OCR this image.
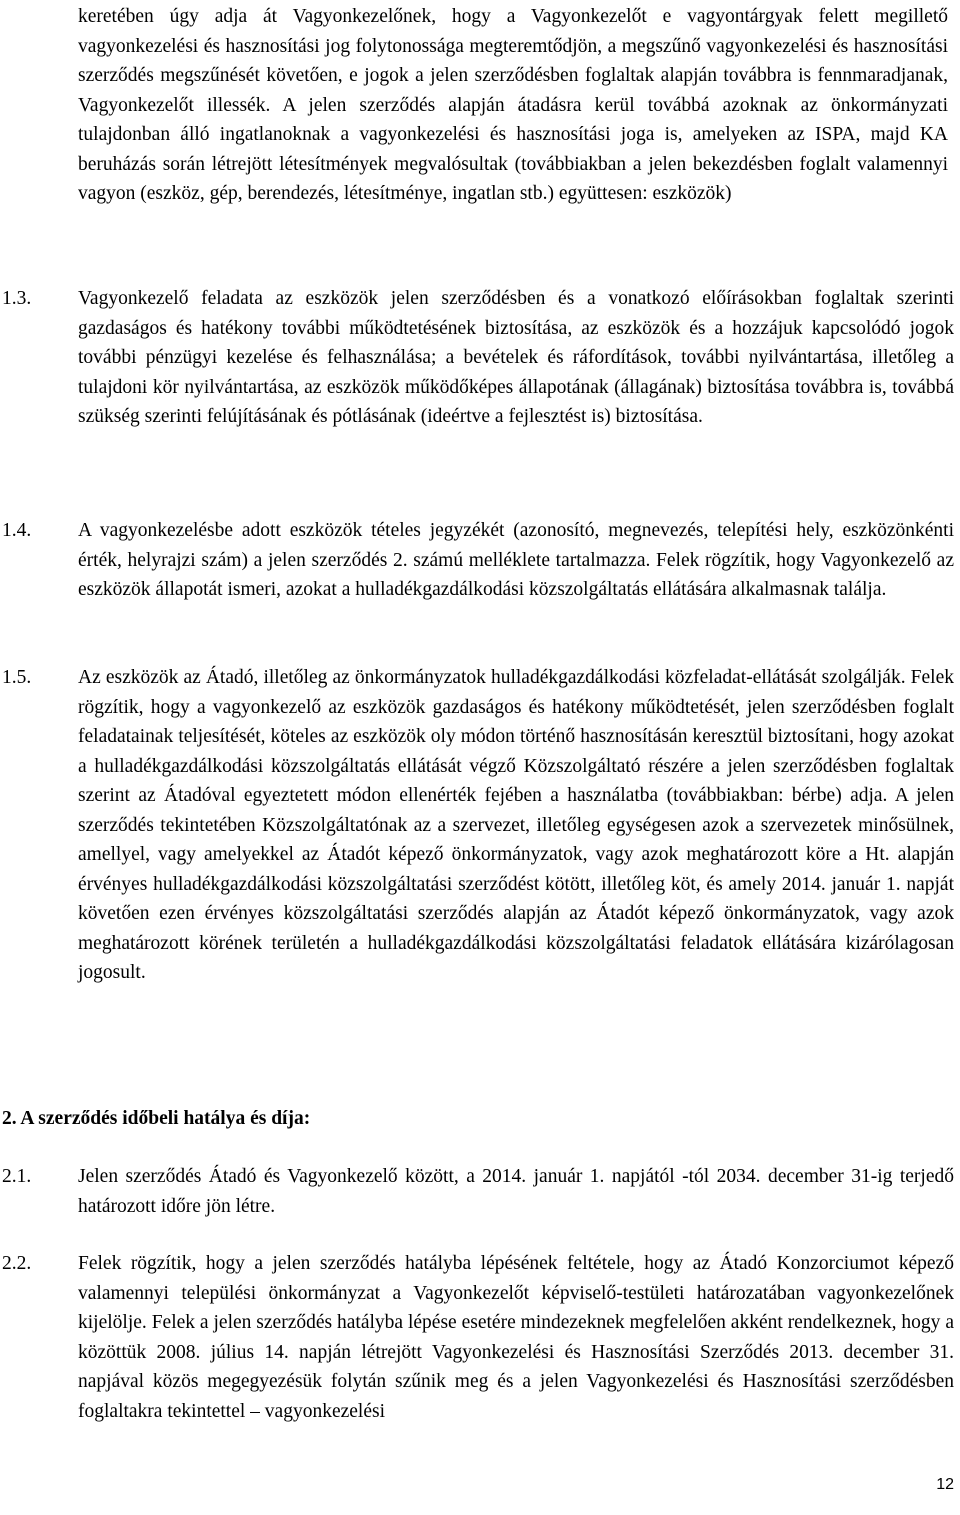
keretében úgy adja át Vagyonkezelőnek, hogy a Vagyonkezelőt e vagyontárgyak felett megillető vagyonkezelési és hasznosítási jog folytonossága megteremtődjön, a megszűnő vagyonkezelési és hasznosítási szerződés megszűnését követően, e jogok a jelen szerződésben foglaltak alapján továbbra is fennmaradjanak, Vagyonkezelőt illessék. A jelen szerződés alapján átadásra kerül továbbá azoknak az önkormányzati tulajdonban álló ingatlanoknak a vagyonkezelési és hasznosítási joga is, amelyeken az ISPA, majd KA beruházás során létrejött létesítmények megvalósultak (továbbiakban a jelen bekezdésben foglalt valamennyi vagyon (eszköz, gép, berendezés, létesítménye, ingatlan stb.) együttesen: eszközök)
1.3. Vagyonkezelő feladata az eszközök jelen szerződésben és a vonatkozó előírásokban foglaltak szerinti gazdaságos és hatékony további működtetésének biztosítása, az eszközök és a hozzájuk kapcsolódó jogok további pénzügyi kezelése és felhasználása; a bevételek és ráfordítások, további nyilvántartása, illetőleg a tulajdoni kör nyilvántartása, az eszközök működőképes állapotának (állagának) biztosítása továbbra is, továbbá szükség szerinti felújításának és pótlásának (ideértve a fejlesztést is) biztosítása.
1.4. A vagyonkezelésbe adott eszközök tételes jegyzékét (azonosító, megnevezés, telepítési hely, eszközönkénti érték, helyrajzi szám) a jelen szerződés 2. számú melléklete tartalmazza. Felek rögzítik, hogy Vagyonkezelő az eszközök állapotát ismeri, azokat a hulladékgazdálkodási közszolgáltatás ellátására alkalmasnak találja.
1.5. Az eszközök az Átadó, illetőleg az önkormányzatok hulladékgazdálkodási közfeladat-ellátását szolgálják. Felek rögzítik, hogy a vagyonkezelő az eszközök gazdaságos és hatékony működtetését, jelen szerződésben foglalt feladatainak teljesítését, köteles az eszközök oly módon történő hasznosításán keresztül biztosítani, hogy azokat a hulladékgazdálkodási közszolgáltatás ellátását végző Közszolgáltató részére a jelen szerződésben foglaltak szerint az Átadóval egyeztetett módon ellenérték fejében a használatba (továbbiakban: bérbe) adja. A jelen szerződés tekintetében Közszolgáltatónak az a szervezet, illetőleg egységesen azok a szervezetek minősülnek, amellyel, vagy amelyekkel az Átadót képező önkormányzatok, vagy azok meghatározott köre a Ht. alapján érvényes hulladékgazdálkodási közszolgáltatási szerződést kötött, illetőleg köt, és amely 2014. január 1. napját követően ezen érvényes közszolgáltatási szerződés alapján az Átadót képező önkormányzatok, vagy azok meghatározott körének területén a hulladékgazdálkodási közszolgáltatási feladatok ellátására kizárólagosan jogosult.
2. A szerződés időbeli hatálya és díja:
2.1. Jelen szerződés Átadó és Vagyonkezelő között, a 2014. január 1. napjától -tól 2034. december 31-ig terjedő határozott időre jön létre.
2.2. Felek rögzítik, hogy a jelen szerződés hatályba lépésének feltétele, hogy az Átadó Konzorciumot képező valamennyi települési önkormányzat a Vagyonkezelőt képviselő-testületi határozatában vagyonkezelőnek kijelölje. Felek a jelen szerződés hatályba lépése esetére mindezeknek megfelelően akként rendelkeznek, hogy a közöttük 2008. július 14. napján létrejött Vagyonkezelési és Hasznosítási Szerződés 2013. december 31. napjával közös megegyezésük folytán szűnik meg és a jelen Vagyonkezelési és Hasznosítási szerződésben foglaltakra tekintettel – vagyonkezelési
12
